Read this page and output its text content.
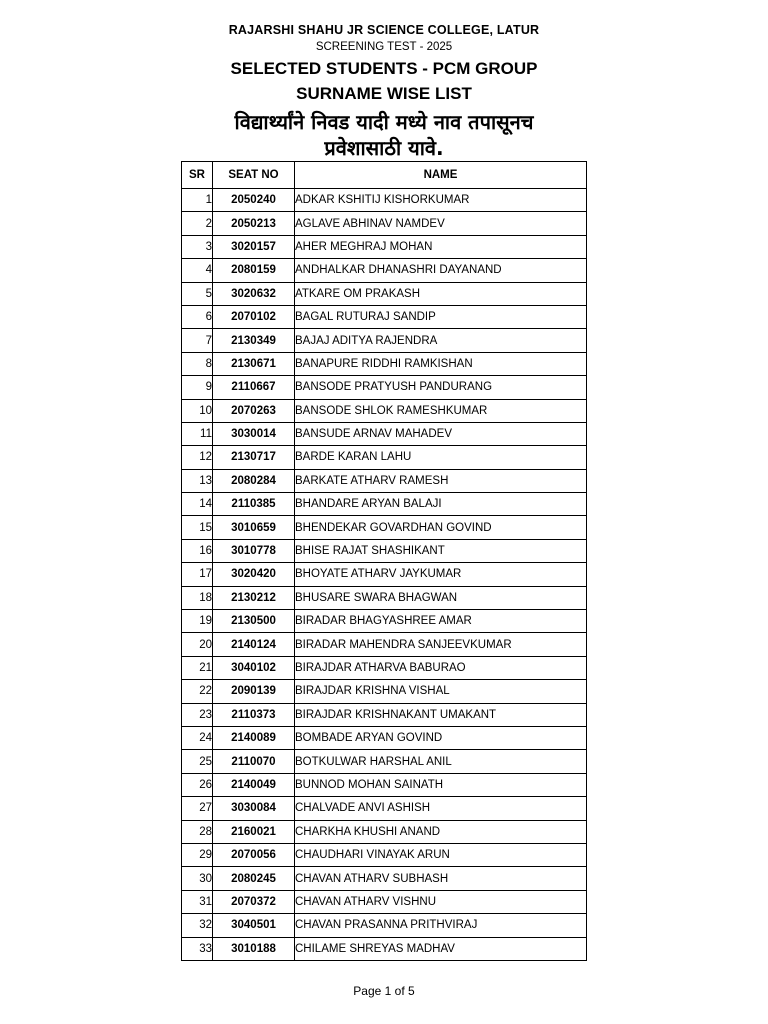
RAJARSHI SHAHU JR SCIENCE COLLEGE, LATUR
SCREENING TEST - 2025
SELECTED STUDENTS - PCM GROUP
SURNAME WISE LIST
विद्यार्थ्यांने निवड यादी मध्ये नाव तपासूनच
प्रवेशासाठी यावे.
SR	SEAT NO	NAME
1	2050240	ADKAR KSHITIJ KISHORKUMAR
2	2050213	AGLAVE ABHINAV NAMDEV
3	3020157	AHER MEGHRAJ MOHAN
4	2080159	ANDHALKAR DHANASHRI DAYANAND
5	3020632	ATKARE OM PRAKASH
6	2070102	BAGAL RUTURAJ SANDIP
7	2130349	BAJAJ ADITYA RAJENDRA
8	2130671	BANAPURE RIDDHI RAMKISHAN
9	2110667	BANSODE PRATYUSH PANDURANG
10	2070263	BANSODE SHLOK RAMESHKUMAR
11	3030014	BANSUDE ARNAV MAHADEV
12	2130717	BARDE KARAN LAHU
13	2080284	BARKATE ATHARV RAMESH
14	2110385	BHANDARE ARYAN BALAJI
15	3010659	BHENDEKAR GOVARDHAN GOVIND
16	3010778	BHISE RAJAT SHASHIKANT
17	3020420	BHOYATE ATHARV JAYKUMAR
18	2130212	BHUSARE SWARA BHAGWAN
19	2130500	BIRADAR BHAGYASHREE AMAR
20	2140124	BIRADAR MAHENDRA SANJEEVKUMAR
21	3040102	BIRAJDAR ATHARVA BABURAO
22	2090139	BIRAJDAR KRISHNA VISHAL
23	2110373	BIRAJDAR KRISHNAKANT UMAKANT
24	2140089	BOMBADE ARYAN GOVIND
25	2110070	BOTKULWAR HARSHAL ANIL
26	2140049	BUNNOD MOHAN SAINATH
27	3030084	CHALVADE ANVI ASHISH
28	2160021	CHARKHA KHUSHI ANAND
29	2070056	CHAUDHARI VINAYAK ARUN
30	2080245	CHAVAN ATHARV SUBHASH
31	2070372	CHAVAN ATHARV VISHNU
32	3040501	CHAVAN PRASANNA PRITHVIRAJ
33	3010188	CHILAME SHREYAS MADHAV
Page 1 of 5
